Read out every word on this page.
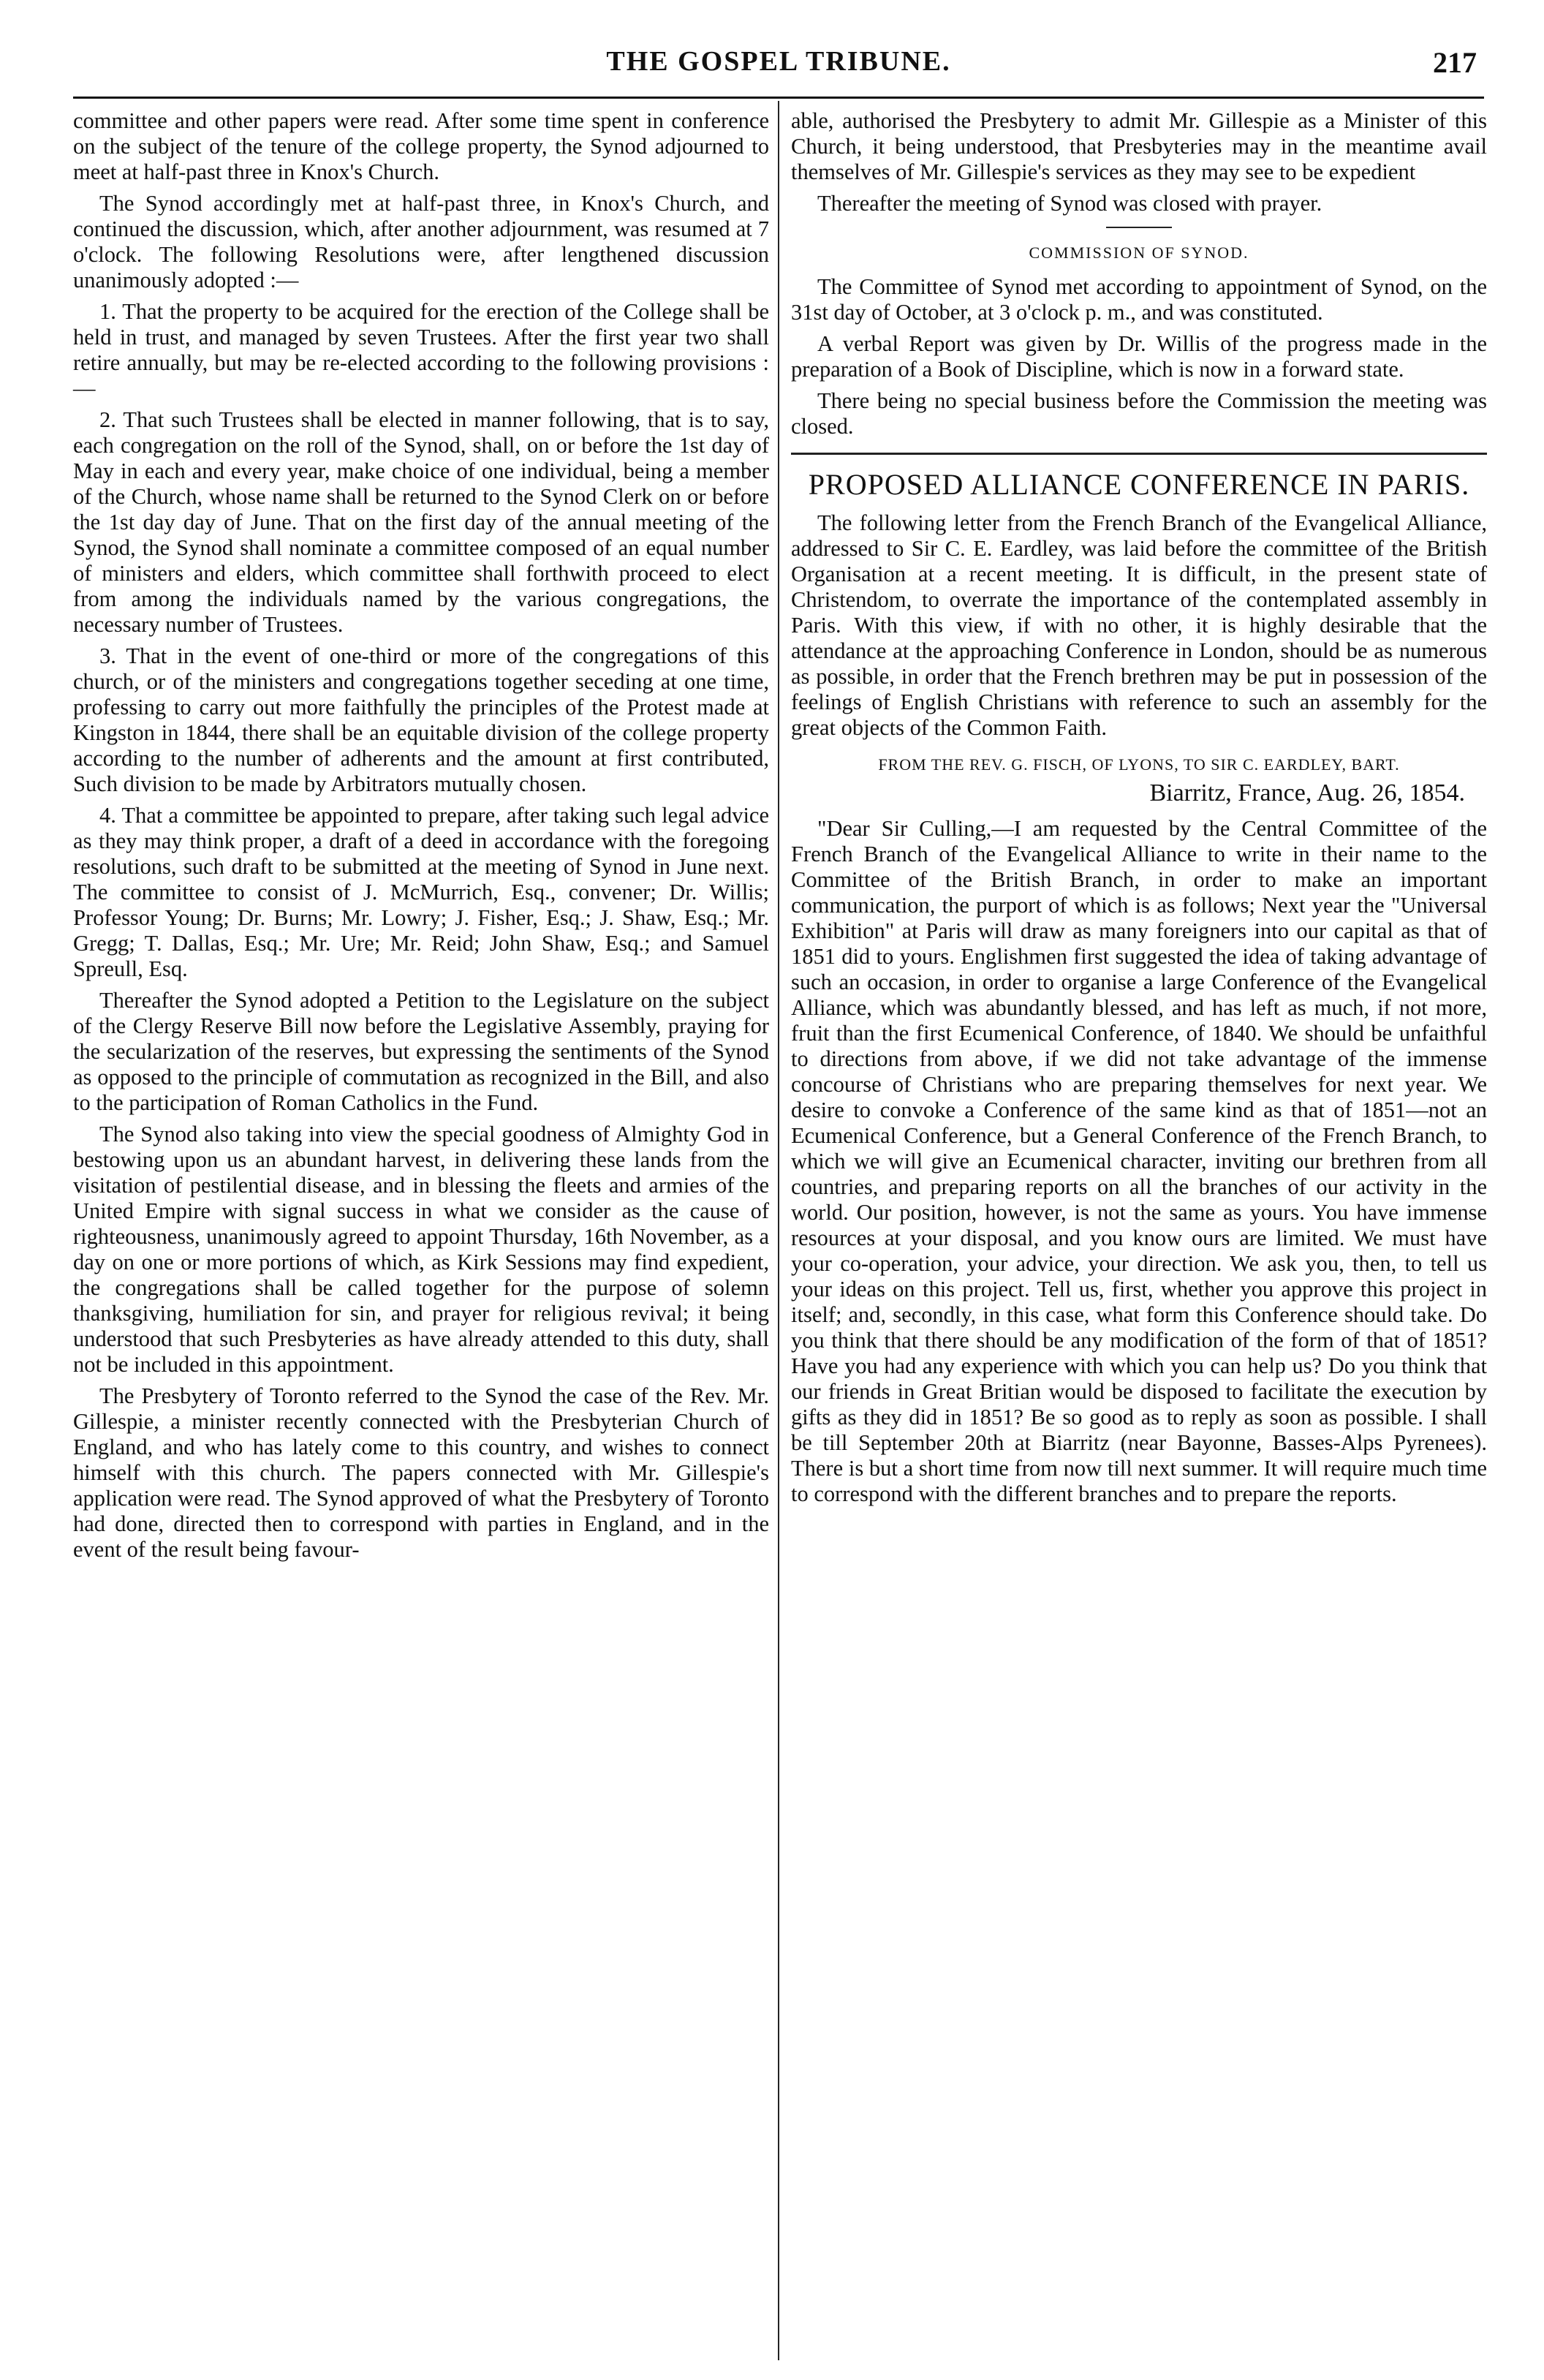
THE GOSPEL TRIBUNE.	217

committee and other papers were read. After some time spent in conference on the subject of the tenure of the college property, the Synod adjourned to meet at half-past three in Knox's Church.

The Synod accordingly met at half-past three, in Knox's Church, and continued the discussion, which, after another adjournment, was resumed at 7 o'clock. The following Resolutions were, after lengthened discussion unanimously adopted :—

1. That the property to be acquired for the erection of the College shall be held in trust, and managed by seven Trustees. After the first year two shall retire annually, but may be re-elected according to the following provisions :—

2. That such Trustees shall be elected in manner following, that is to say, each congregation on the roll of the Synod, shall, on or before the 1st day of May in each and every year, make choice of one individual, being a member of the Church, whose name shall be returned to the Synod Clerk on or before the 1st day day of June. That on the first day of the annual meeting of the Synod, the Synod shall nominate a committee composed of an equal number of ministers and elders, which committee shall forthwith proceed to elect from among the individuals named by the various congregations, the necessary number of Trustees.

3. That in the event of one-third or more of the congregations of this church, or of the ministers and congregations together seceding at one time, professing to carry out more faithfully the principles of the Protest made at Kingston in 1844, there shall be an equitable division of the college property according to the number of adherents and the amount at first contributed, Such division to be made by Arbitrators mutually chosen.

4. That a committee be appointed to prepare, after taking such legal advice as they may think proper, a draft of a deed in accordance with the foregoing resolutions, such draft to be submitted at the meeting of Synod in June next. The committee to consist of J. McMurrich, Esq., convener; Dr. Willis; Professor Young; Dr. Burns; Mr. Lowry; J. Fisher, Esq.; J. Shaw, Esq.; Mr. Gregg; T. Dallas, Esq.; Mr. Ure; Mr. Reid; John Shaw, Esq.; and Samuel Spreull, Esq.

Thereafter the Synod adopted a Petition to the Legislature on the subject of the Clergy Reserve Bill now before the Legislative Assembly, praying for the secularization of the reserves, but expressing the sentiments of the Synod as opposed to the principle of commutation as recognized in the Bill, and also to the participation of Roman Catholics in the Fund.

The Synod also taking into view the special goodness of Almighty God in bestowing upon us an abundant harvest, in delivering these lands from the visitation of pestilential disease, and in blessing the fleets and armies of the United Empire with signal success in what we consider as the cause of righteousness, unanimously agreed to appoint Thursday, 16th November, as a day on one or more portions of which, as Kirk Sessions may find expedient, the congregations shall be called together for the purpose of solemn thanksgiving, humiliation for sin, and prayer for religious revival; it being understood that such Presbyteries as have already attended to this duty, shall not be included in this appointment.

The Presbytery of Toronto referred to the Synod the case of the Rev. Mr. Gillespie, a minister recently connected with the Presbyterian Church of England, and who has lately come to this country, and wishes to connect himself with this church. The papers connected with Mr. Gillespie's application were read. The Synod approved of what the Presbytery of Toronto had done, directed then to correspond with parties in England, and in the event of the result being favour-

able, authorised the Presbytery to admit Mr. Gillespie as a Minister of this Church, it being understood, that Presbyteries may in the meantime avail themselves of Mr. Gillespie's services as they may see to be expedient

Thereafter the meeting of Synod was closed with prayer.

COMMISSION OF SYNOD.

The Committee of Synod met according to appointment of Synod, on the 31st day of October, at 3 o'clock p. m., and was constituted.

A verbal Report was given by Dr. Willis of the progress made in the preparation of a Book of Discipline, which is now in a forward state.

There being no special business before the Commission the meeting was closed.

PROPOSED ALLIANCE CONFERENCE IN PARIS.

The following letter from the French Branch of the Evangelical Alliance, addressed to Sir C. E. Eardley, was laid before the committee of the British Organisation at a recent meeting. It is difficult, in the present state of Christendom, to overrate the importance of the contemplated assembly in Paris. With this view, if with no other, it is highly desirable that the attendance at the approaching Conference in London, should be as numerous as possible, in order that the French brethren may be put in possession of the feelings of English Christians with reference to such an assembly for the great objects of the Common Faith.

FROM THE REV. G. FISCH, OF LYONS, TO SIR C. EARDLEY, BART.
Biarritz, France, Aug. 26, 1854.

"Dear Sir Culling,—I am requested by the Central Committee of the French Branch of the Evangelical Alliance to write in their name to the Committee of the British Branch, in order to make an important communication, the purport of which is as follows; Next year the "Universal Exhibition" at Paris will draw as many foreigners into our capital as that of 1851 did to yours. Englishmen first suggested the idea of taking advantage of such an occasion, in order to organise a large Conference of the Evangelical Alliance, which was abundantly blessed, and has left as much, if not more, fruit than the first Ecumenical Conference, of 1840. We should be unfaithful to directions from above, if we did not take advantage of the immense concourse of Christians who are preparing themselves for next year. We desire to convoke a Conference of the same kind as that of 1851—not an Ecumenical Conference, but a General Conference of the French Branch, to which we will give an Ecumenical character, inviting our brethren from all countries, and preparing reports on all the branches of our activity in the world. Our position, however, is not the same as yours. You have immense resources at your disposal, and you know ours are limited. We must have your co-operation, your advice, your direction. We ask you, then, to tell us your ideas on this project. Tell us, first, whether you approve this project in itself; and, secondly, in this case, what form this Conference should take. Do you think that there should be any modification of the form of that of 1851? Have you had any experience with which you can help us? Do you think that our friends in Great Britian would be disposed to facilitate the execution by gifts as they did in 1851? Be so good as to reply as soon as possible. I shall be till September 20th at Biarritz (near Bayonne, Basses-Alps Pyrenees). There is but a short time from now till next summer. It will require much time to correspond with the different branches and to prepare the reports.
